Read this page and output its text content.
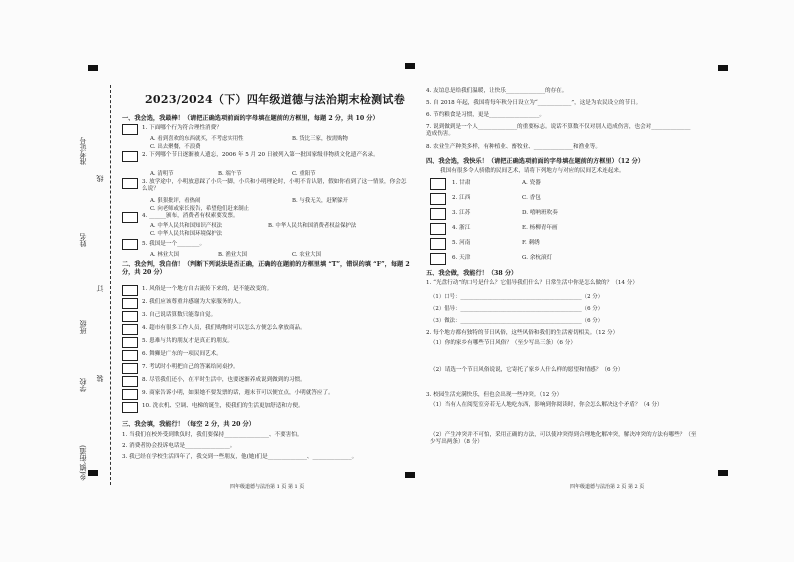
准考证号
姓名
班级
学校
乡(镇,街道)
线
订
装
2023/2024（下）四年级道德与法治期末检测试卷
一、我会选，我最棒！（请把正确选项前面的字母填在题前的方框里，每题 2 分，共 10 分）
1. 下面哪个行为符合理性消费？
A. 看到喜欢的东西就买，不考虑实用性	B. 货比三家，按需购物
C. 出去聚餐，不浪费
2. 下列哪个节日逐渐被人遗忘，2006 年 5 月 20 日被列入第一批国家级非物质文化遗产名录。
A. 清明节	B. 端午节	C. 重阳节
3. 放学途中，小明放意踩了小兵一脚，小兵和小明理论时，小明不肯认错，假如你看到了这一情景，你会怎么说？
A. 狠狠批评，看热闹	B. 与我无关，赶紧躲开
C. 向老师或家长报告，希望他们赶来制止
4. ______颁布，消费者有权索要发票。
A. 中华人民共和国知识产权法	B. 中华人民共和国消费者权益保护法
C. 中华人民共和国环境保护法
5. 我国是一个________。
A. 林业大国	B. 渔业大国	C. 农业大国
二、我会判，我自信！（判断下列说法是否正确，正确的在题前的方框里填 “T”，错误的填 “F”，每题 2 分，共 20 分）
1. 风俗是一个地方自古流传下来的，是不能改变的。
2. 我们应该尊重并感谢为大家服务的人。
3. 自己说话算数只能靠自觉。
4. 超市有很多工作人员，我们购物时可以怎么方便怎么拿放商品。
5. 患难与共的朋友才是真正的朋友。
6. 舞狮是广东的一项民间艺术。
7. 考试时小明把自己的答案给同桌抄。
8. 尽管我们还小，在平时生活中，也要逐渐养成说到做到的习惯。
9. 商家告诉小明，如果她不要发票的话，週末节可以便宜点，小明就答应了。
10. 洗衣机、空调、电梯的诞生，使我们的生活更加舒适和方便。
三、我会填，我能行！（每空 2 分，共 20 分）
1. 当我们在校外受到欺负时，我们要保持________________、不要害怕。
2. 消费者协会投诉电话是________________。
3. 我已经在学校生活四年了，我交到一些朋友，他(她)们是______________、______________。
四年级道德与法治第 1 页 第 1 页
4. 友谊总是给我们温暖，让快乐______________的存在。
5. 自 2018 年起，我国将每年秋分日设立为“____________”，这是为农民设立的节日。
6. 节约粮食是习惯，更是__________________。
7. 说到做到是一个人______________的重要标志。说话不算数不仅对别人造成伤害，也会对______________造成伤害。
8. 农业生产种类多样，有种植业、畜牧业、______________和渔业等。
四、我会选，我快乐！（请把正确选项前面的字母填在题前的方框里）（12 分）
我国有很多令人骄傲的民间艺术，请将下列地方与对应的民间艺术连起来。
1. 甘肃	A. 瓷器
2. 江西	C. 香包
3. 江苏	D. 嘻呐班吹奏
4. 浙江	E. 杨柳青年画
5. 河南	F. 刺绣
6. 天津	G. 余杭滚灯
五、我会做，我能行！（38 分）
1. “光盘行动”的口号是什么？它倡导我们什么？日常生活中你是怎么做的？（14 分）
（1）口号：_____________________________________________（2 分）
（2）倡导：_____________________________________________（6 分）
（3）做法：_____________________________________________（6 分）
2. 每个地方都有独特的节日风俗，这些风俗和我们的生活密切相关。（12 分）
（1）你的家乡有哪些节日风俗？（至少写出三条）（6 分）
（2）请选一个节日风俗说说，它寄托了家乡人什么样的愿望和情感？（6 分）
3. 校园生活充满快乐，但也会出现一些冲突。（12 分）
（1）当有人在阅览室旁若无人地吃东西，影响到你阅读时，你会怎么解决这个矛盾？（4 分）
（2）产生冲突并不可怕，采用正确的方法，可以使冲突得到合理地化解冲突，解决冲突的方法有哪些？（至少写出两条）（8 分）
四年级道德与法治第 2 页 第 2 页
